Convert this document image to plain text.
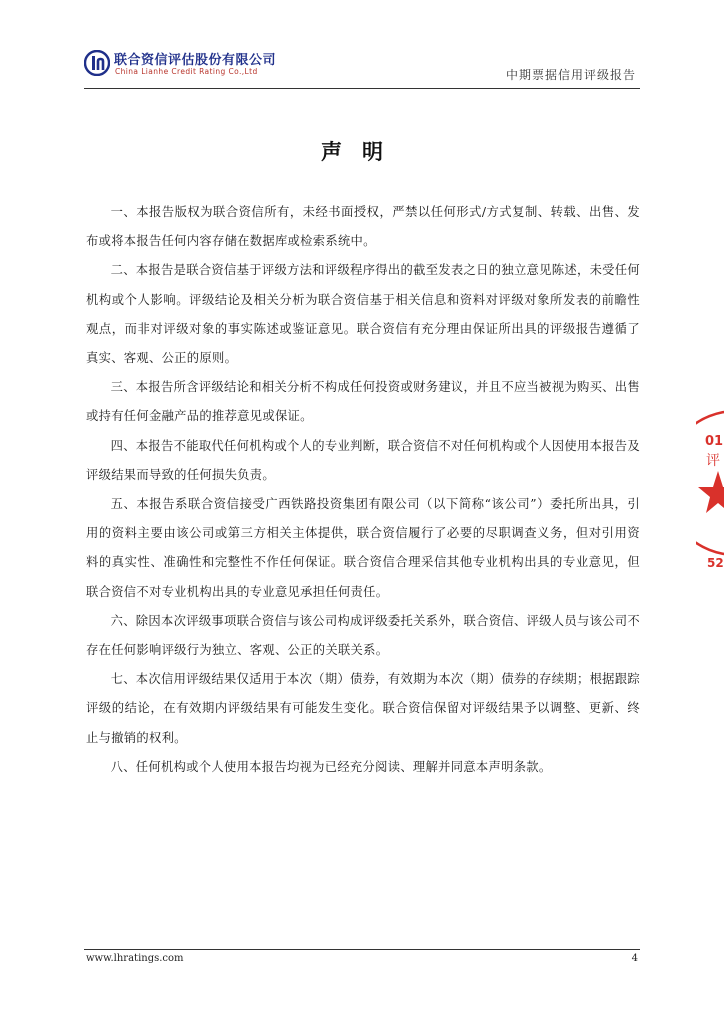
联合资信评估股份有限公司
China Lianhe Credit Rating Co.,Ltd	中期票据信用评级报告
声明

一、本报告版权为联合资信所有，未经书面授权，严禁以任何形式/方式复制、转载、出售、发布或将本报告任何内容存储在数据库或检索系统中。

二、本报告是联合资信基于评级方法和评级程序得出的截至发表之日的独立意见陈述，未受任何机构或个人影响。评级结论及相关分析为联合资信基于相关信息和资料对评级对象所发表的前瞻性观点，而非对评级对象的事实陈述或鉴证意见。联合资信有充分理由保证所出具的评级报告遵循了真实、客观、公正的原则。

三、本报告所含评级结论和相关分析不构成任何投资或财务建议，并且不应当被视为购买、出售或持有任何金融产品的推荐意见或保证。

四、本报告不能取代任何机构或个人的专业判断，联合资信不对任何机构或个人因使用本报告及评级结果而导致的任何损失负责。

五、本报告系联合资信接受广西铁路投资集团有限公司（以下简称“该公司”）委托所出具，引用的资料主要由该公司或第三方相关主体提供，联合资信履行了必要的尽职调查义务，但对引用资料的真实性、准确性和完整性不作任何保证。联合资信合理采信其他专业机构出具的专业意见，但联合资信不对专业机构出具的专业意见承担任何责任。

六、除因本次评级事项联合资信与该公司构成评级委托关系外，联合资信、评级人员与该公司不存在任何影响评级行为独立、客观、公正的关联关系。

七、本次信用评级结果仅适用于本次（期）债券，有效期为本次（期）债券的存续期；根据跟踪评级的结论，在有效期内评级结果有可能发生变化。联合资信保留对评级结果予以调整、更新、终止与撤销的权利。

八、任何机构或个人使用本报告均视为已经充分阅读、理解并同意本声明条款。

www.lhratings.com	4
01
评
52
